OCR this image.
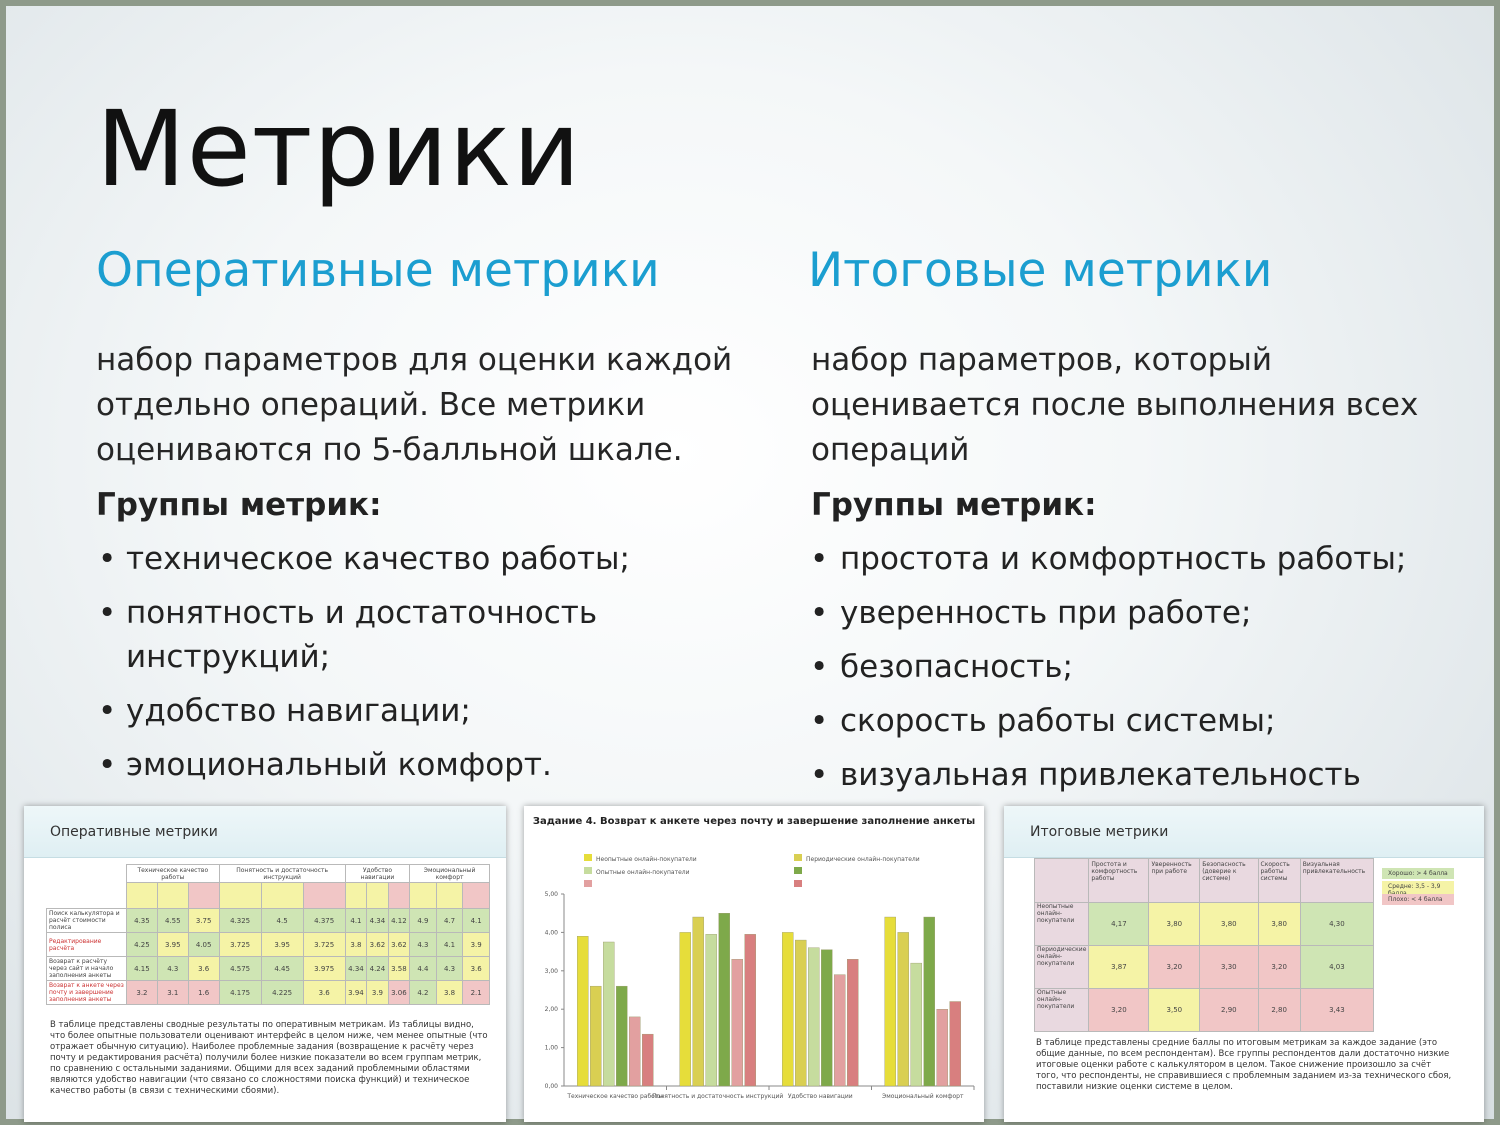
Метрики
Оперативные метрики
набор параметров для оценки каждой
отдельно операций. Все метрики
оцениваются по 5-балльной шкале.
Группы метрик:
• техническое качество работы;
• понятность и достаточность
инструкций;
• удобство навигации;
• эмоциональный комфорт.
Итоговые метрики
набор параметров, который
оценивается после выполнения всех
операций
Группы метрик:
• простота и комфортность работы;
• уверенность при работе;
• безопасность;
• скорость работы системы;
• визуальная привлекательность
Оперативные метрики
	Техническое качество работы			Понятность и достаточность инструкций			Удобство навигации			Эмоциональный комфорт		

Поиск калькулятора и расчёт стоимости полиса	4.35	4.55	3.75	4.325	4.5	4.375	4.1	4.34	4.12	4.9	4.7	4.1
Редактирование расчёта	4.25	3.95	4.05	3.725	3.95	3.725	3.8	3.62	3.62	4.3	4.1	3.9
Возврат к расчёту через сайт и начало заполнения анкеты	4.15	4.3	3.6	4.575	4.45	3.975	4.34	4.24	3.58	4.4	4.3	3.6
Возврат к анкете через почту и завершение заполнения анкеты	3.2	3.1	1.6	4.175	4.225	3.6	3.94	3.9	3.06	4.2	3.8	2.1
В таблице представлены сводные результаты по оперативным метрикам. Из таблицы видно, что более опытные пользователи оценивают интерфейс в целом ниже, чем менее опытные (что отражает обычную ситуацию). Наиболее проблемные задания (возвращение к расчёту через почту и редактирования расчёта) получили более низкие показатели во всем группам метрик, по сравнению с остальными заданиями. Общими для всех заданий проблемными областями являются удобство навигации (что связано со сложностями поиска функций) и техническое качество работы (в связи с техническими сбоями).
Задание 4. Возврат к анкете через почту и завершение заполнение анкеты
Неопытные онлайн-покупатели	Периодические онлайн-покупатели
Опытные онлайн-покупатели
0,00
1,00
2,00
3,00
4,00
5,00
Техническое качество работы
Понятность и достаточность инструкций Удобство навигации	Эмоциональный комфорт
Итоговые метрики
	Простота и комфортность работы	Уверенность при работе	Безопасность (доверие к системе)	Скорость работы системы	Визуальная привлекательность
Неопытные онлайн-покупатели	4,17	3,80	3,80	3,80	4,30
Периодические онлайн-покупатели	3,87	3,20	3,30	3,20	4,03
Опытные онлайн-покупатели	3,20	3,50	2,90	2,80	3,43
Хорошо: > 4 балла
Средне: 3,5 - 3,9
Плохо: < 4 балла
В таблице представлены средние баллы по итоговым метрикам за каждое задание (это общие данные, по всем респондентам). Все группы респондентов дали достаточно низкие итоговые оценки работе с калькулятором в целом. Такое снижение произошло за счёт того, что респонденты, не справившиеся с проблемным заданием из-за технического сбоя, поставили низкие оценки системе в целом.
